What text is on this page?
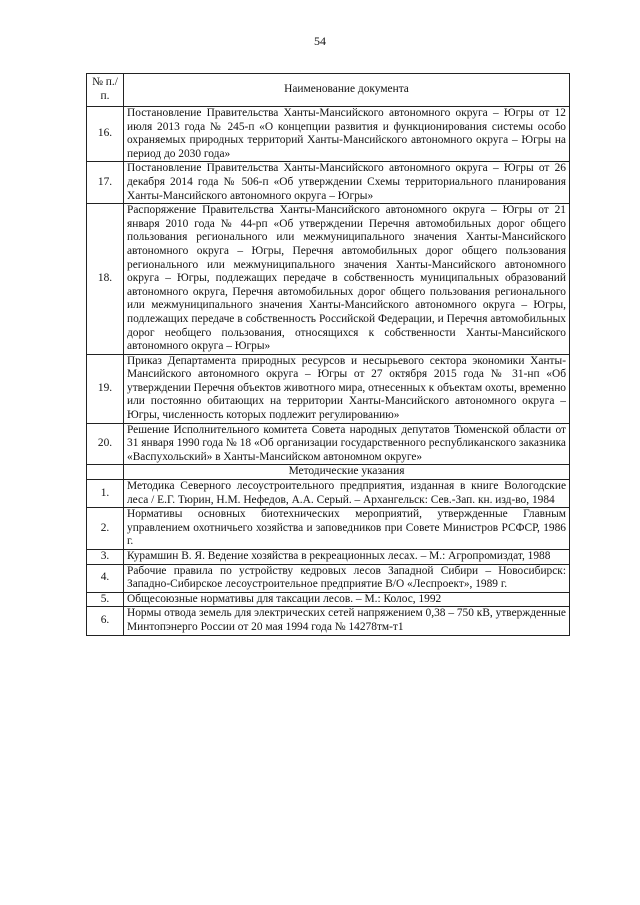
54
№ п./п.	Наименование документа
16.	Постановление Правительства Ханты-Мансийского автономного округа – Югры от 12 июля 2013 года № 245-п «О концепции развития и функционирования системы особо охраняемых природных территорий Ханты-Мансийского автономного округа – Югры на период до 2030 года»
17.	Постановление Правительства Ханты-Мансийского автономного округа – Югры от 26 декабря 2014 года № 506-п «Об утверждении Схемы территориального планирования Ханты-Мансийского автономного округа – Югры»
18.	Распоряжение Правительства Ханты-Мансийского автономного округа – Югры от 21 января 2010 года № 44-рп «Об утверждении Перечня автомобильных дорог общего пользования регионального или межмуниципального значения Ханты-Мансийского автономного округа – Югры, Перечня автомобильных дорог общего пользования регионального или межмуниципального значения Ханты-Мансийского автономного округа – Югры, подлежащих передаче в собственность муниципальных образований автономного округа, Перечня автомобильных дорог общего пользования регионального или межмуниципального значения Ханты-Мансийского автономного округа – Югры, подлежащих передаче в собственность Российской Федерации, и Перечня автомобильных дорог необщего пользования, относящихся к собственности Ханты-Мансийского автономного округа – Югры»
19.	Приказ Департамента природных ресурсов и несырьевого сектора экономики Ханты-Мансийского автономного округа – Югры от 27 октября 2015 года № 31-нп «Об утверждении Перечня объектов животного мира, отнесенных к объектам охоты, временно или постоянно обитающих на территории Ханты-Мансийского автономного округа – Югры, численность которых подлежит регулированию»
20.	Решение Исполнительного комитета Совета народных депутатов Тюменской области от 31 января 1990 года № 18 «Об организации государственного республиканского заказника «Васпухольский» в Ханты-Мансийском автономном округе»
	Методические указания
1.	Методика Северного лесоустроительного предприятия, изданная в книге Вологодские леса / Е.Г. Тюрин, Н.М. Нефедов, А.А. Серый. – Архангельск: Сев.-Зап. кн. изд-во, 1984
2.	Нормативы основных биотехнических мероприятий, утвержденные Главным управлением охотничьего хозяйства и заповедников при Совете Министров РСФСР, 1986 г.
3.	Курамшин В. Я. Ведение хозяйства в рекреационных лесах. – М.: Агропромиздат, 1988
4.	Рабочие правила по устройству кедровых лесов Западной Сибири – Новосибирск: Западно-Сибирское лесоустроительное предприятие В/О «Леспроект», 1989 г.
5.	Общесоюзные нормативы для таксации лесов. – М.: Колос, 1992
6.	Нормы отвода земель для электрических сетей напряжением 0,38 – 750 кВ, утвержденные Минтопэнерго России от 20 мая 1994 года № 14278тм-т1
